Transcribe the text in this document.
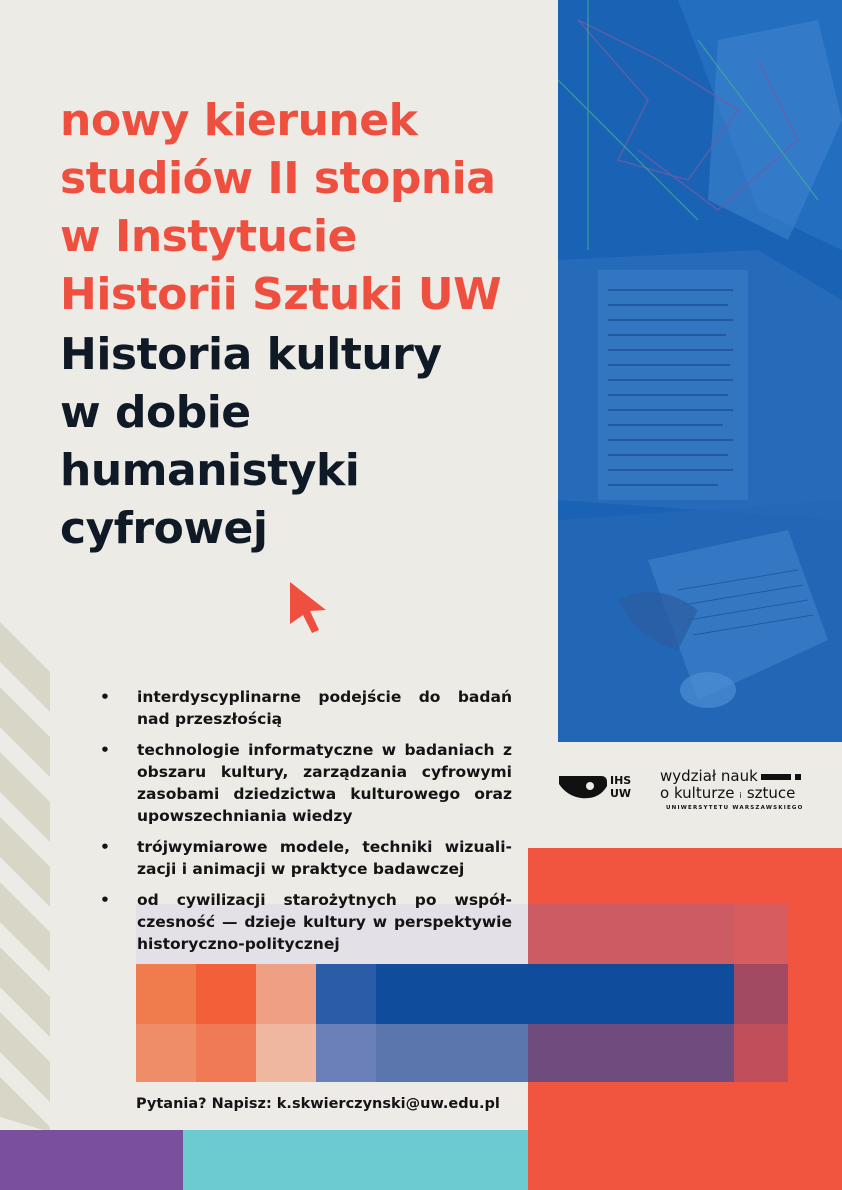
nowy kierunek
studiów II stopnia
w Instytucie
Historii Sztuki UW
Historia kultury
w dobie
humanistyki
cyfrowej
IHS
UW
wydział nauk
o kulturze i sztuce
UNIWERSYTETU WARSZAWSKIEGO
• interdyscyplinarne podejście do badań nad przeszłością
• technologie informatyczne w badaniach z obszaru kultury, zarządzania cyfrowymi zasobami dziedzictwa kulturowego oraz upowszechniania wiedzy
• trójwymiarowe modele, techniki wizuali-zacji i animacji w praktyce badawczej
• od cywilizacji starożytnych po współ-czesność — dzieje kultury w perspektywie historyczno-politycznej
Pytania? Napisz: k.skwierczynski@uw.edu.pl
